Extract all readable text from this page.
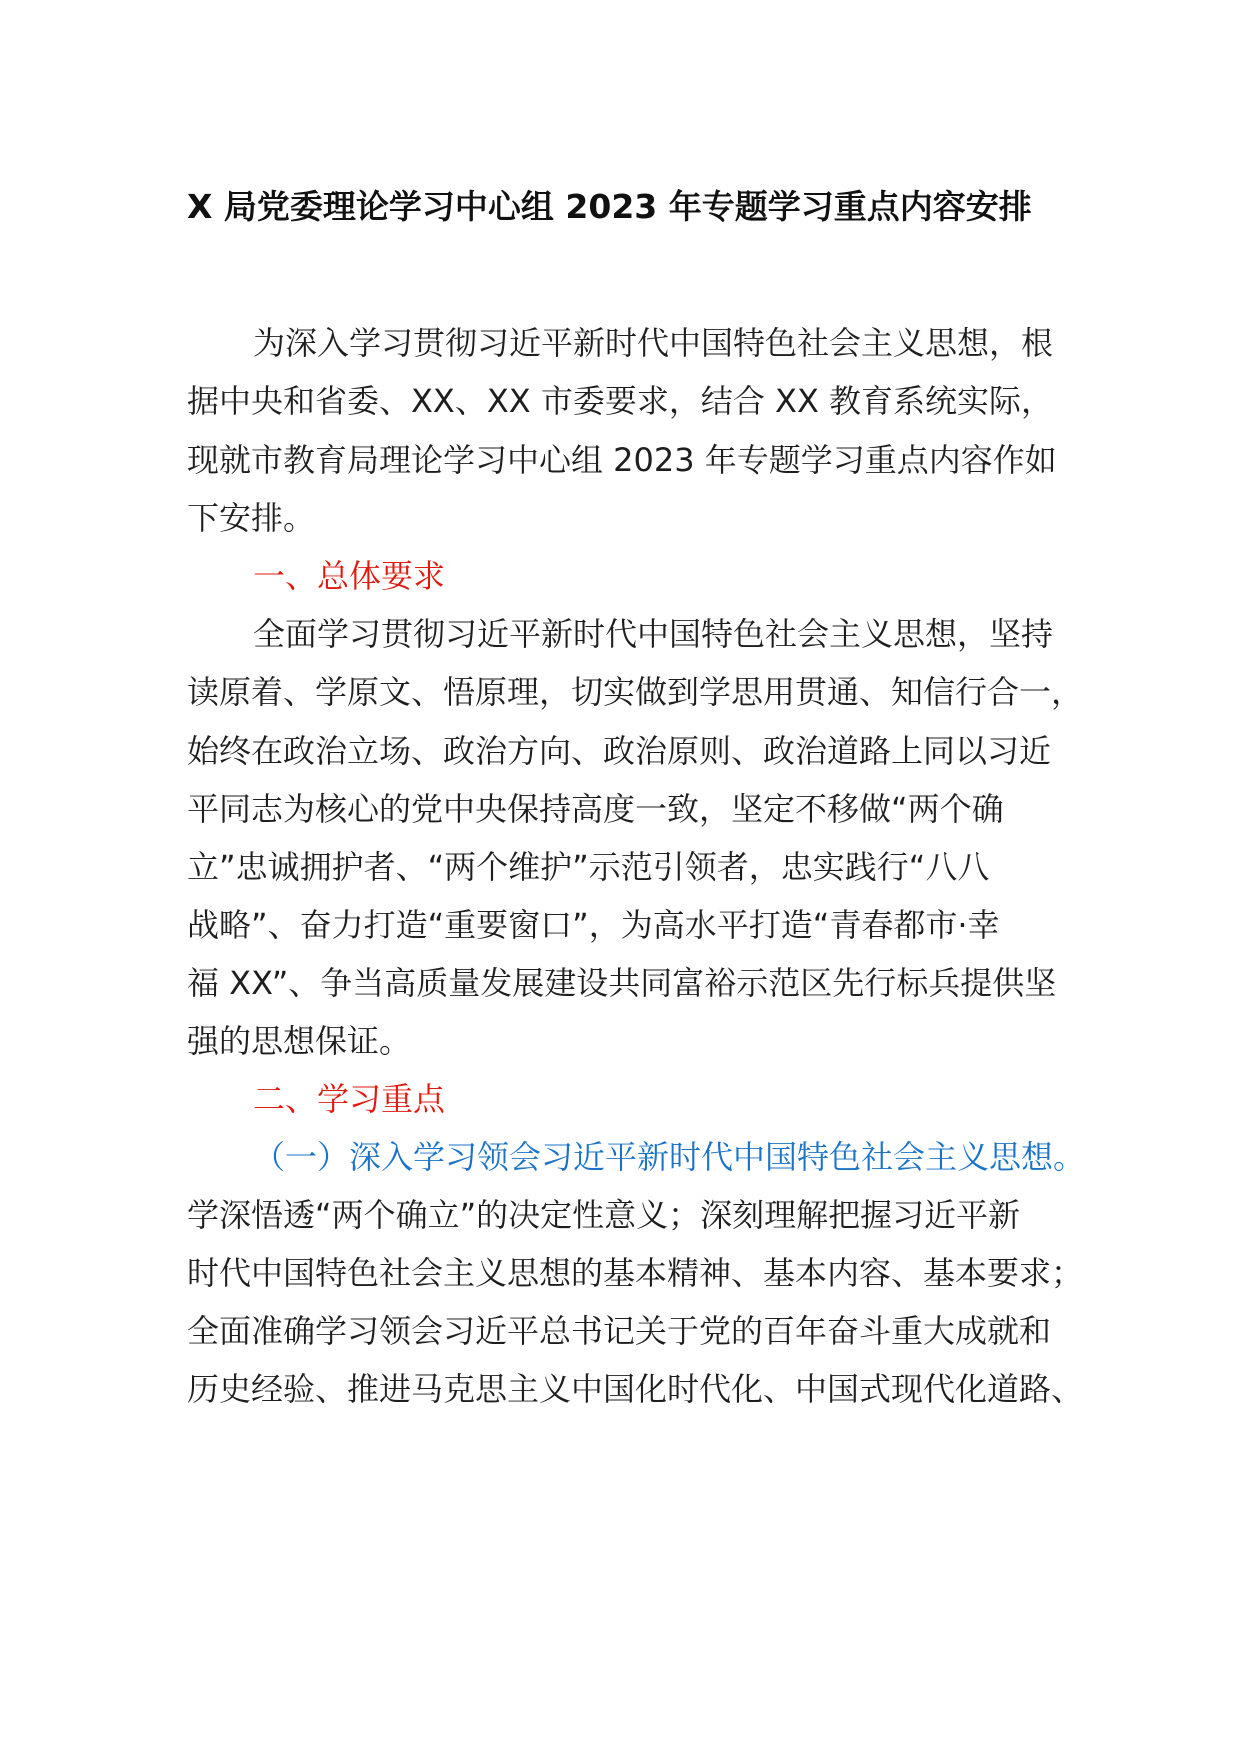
X 局党委理论学习中心组 2023 年专题学习重点内容安排
为深入学习贯彻习近平新时代中国特色社会主义思想，根
据中央和省委、XX、XX 市委要求，结合 XX 教育系统实际，
现就市教育局理论学习中心组 2023 年专题学习重点内容作如
下安排。
一、总体要求
全面学习贯彻习近平新时代中国特色社会主义思想，坚持
读原着、学原文、悟原理，切实做到学思用贯通、知信行合一，
始终在政治立场、政治方向、政治原则、政治道路上同以习近
平同志为核心的党中央保持高度一致，坚定不移做“两个确
立”忠诚拥护者、“两个维护”示范引领者，忠实践行“八八
战略”、奋力打造“重要窗口”，为高水平打造“青春都市·幸
福 XX”、争当高质量发展建设共同富裕示范区先行标兵提供坚
强的思想保证。
二、学习重点
（一）深入学习领会习近平新时代中国特色社会主义思想。
学深悟透“两个确立”的决定性意义；深刻理解把握习近平新
时代中国特色社会主义思想的基本精神、基本内容、基本要求；
全面准确学习领会习近平总书记关于党的百年奋斗重大成就和
历史经验、推进马克思主义中国化时代化、中国式现代化道路、
